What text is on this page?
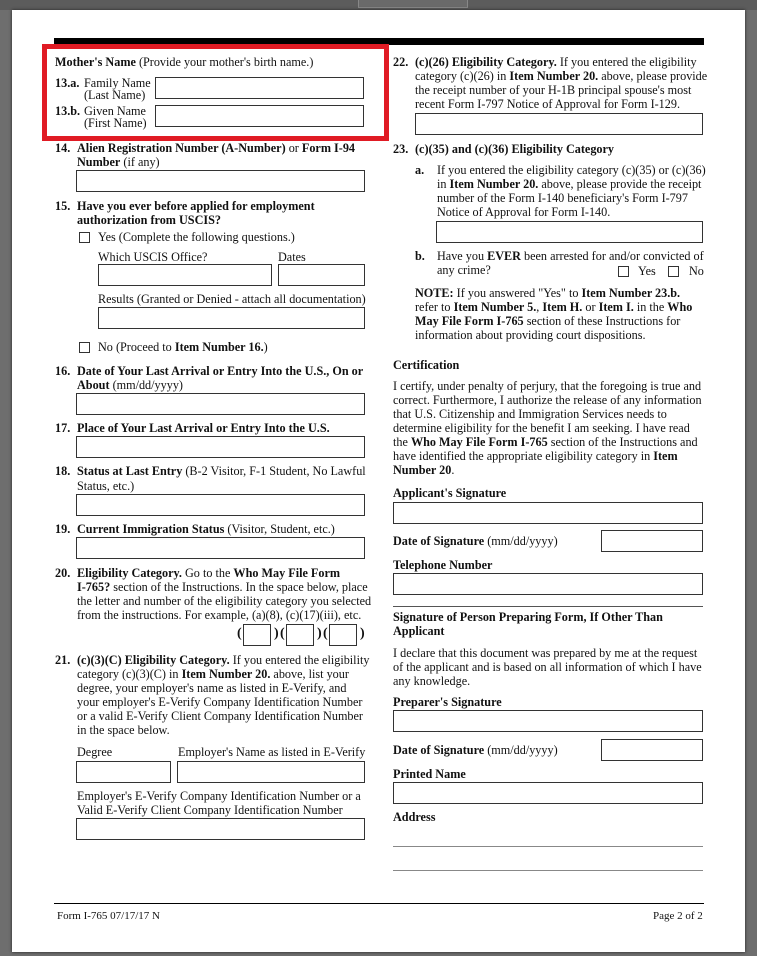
Mother's Name (Provide your mother's birth name.)
13.a. Family Name
(Last Name)
13.b. Given Name
(First Name)
14. Alien Registration Number (A-Number) or Form I-94
Number (if any)
15. Have you ever before applied for employment
authorization from USCIS?
Yes (Complete the following questions.)
Which USCIS Office?	Dates
Results (Granted or Denied - attach all documentation)
No (Proceed to Item Number 16.)
16. Date of Your Last Arrival or Entry Into the U.S., On or
About (mm/dd/yyyy)
17. Place of Your Last Arrival or Entry Into the U.S.
18. Status at Last Entry (B-2 Visitor, F-1 Student, No Lawful
Status, etc.)
19. Current Immigration Status (Visitor, Student, etc.)
20. Eligibility Category. Go to the Who May File Form
I-765? section of the Instructions. In the space below, place
the letter and number of the eligibility category you selected
from the instructions. For example, (a)(8), (c)(17)(iii), etc.
( ) ( ) ( )
21. (c)(3)(C) Eligibility Category. If you entered the eligibility
category (c)(3)(C) in Item Number 20. above, list your
degree, your employer's name as listed in E-Verify, and
your employer's E-Verify Company Identification Number
or a valid E-Verify Client Company Identification Number
in the space below.
Degree	Employer's Name as listed in E-Verify
Employer's E-Verify Company Identification Number or a
Valid E-Verify Client Company Identification Number
22. (c)(26) Eligibility Category. If you entered the eligibility
category (c)(26) in Item Number 20. above, please provide
the receipt number of your H-1B principal spouse's most
recent Form I-797 Notice of Approval for Form I-129.
23. (c)(35) and (c)(36) Eligibility Category
a. If you entered the eligibility category (c)(35) or (c)(36)
in Item Number 20. above, please provide the receipt
number of the Form I-140 beneficiary's Form I-797
Notice of Approval for Form I-140.
b. Have you EVER been arrested for and/or convicted of
any crime?	Yes	No
NOTE: If you answered "Yes" to Item Number 23.b.
refer to Item Number 5., Item H. or Item I. in the Who
May File Form I-765 section of these Instructions for
information about providing court dispositions.
Certification
I certify, under penalty of perjury, that the foregoing is true and
correct. Furthermore, I authorize the release of any information
that U.S. Citizenship and Immigration Services needs to
determine eligibility for the benefit I am seeking. I have read
the Who May File Form I-765 section of the Instructions and
have identified the appropriate eligibility category in Item
Number 20.
Applicant's Signature
Date of Signature (mm/dd/yyyy)
Telephone Number
Signature of Person Preparing Form, If Other Than
Applicant
I declare that this document was prepared by me at the request
of the applicant and is based on all information of which I have
any knowledge.
Preparer's Signature
Date of Signature (mm/dd/yyyy)
Printed Name
Address
Form I-765 07/17/17 N	Page 2 of 2
